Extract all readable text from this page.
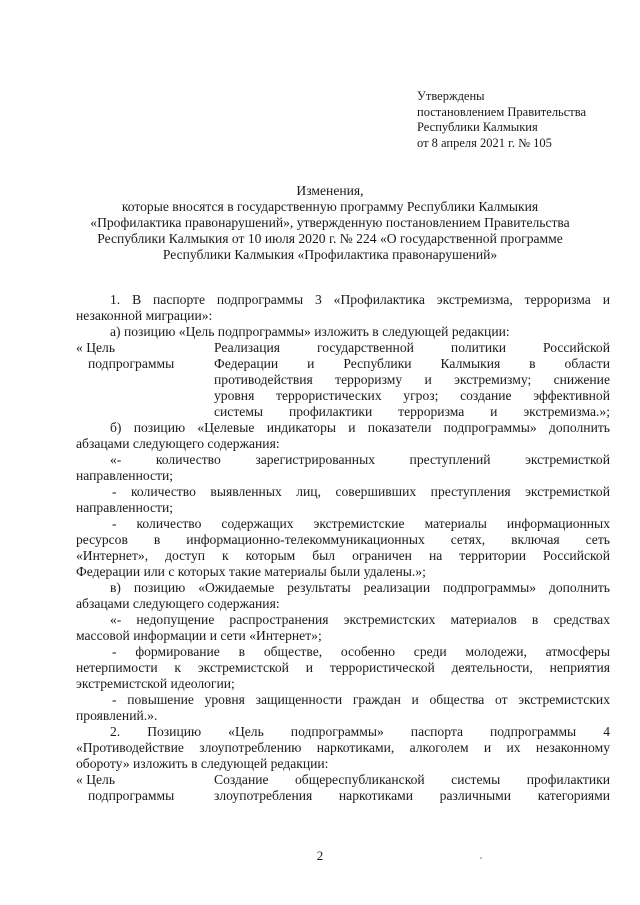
Утверждены
постановлением Правительства
Республики Калмыкия
от 8 апреля 2021 г. № 105
Изменения,
которые вносятся в государственную программу Республики Калмыкия
«Профилактика правонарушений», утвержденную постановлением Правительства
Республики Калмыкия от 10 июля 2020 г. № 224 «О государственной программе
Республики Калмыкия «Профилактика правонарушений»
1. В паспорте подпрограммы 3 «Профилактика экстремизма, терроризма и
незаконной миграции»:
а) позицию «Цель подпрограммы» изложить в следующей редакции:
« Цель
подпрограммы
Реализация государственной политики Российской
Федерации и Республики Калмыкия в области
противодействия терроризму и экстремизму; снижение
уровня террористических угроз; создание эффективной
системы профилактики терроризма и экстремизма.»;
б) позицию «Целевые индикаторы и показатели подпрограммы» дополнить
абзацами следующего содержания:
«- количество зарегистрированных преступлений экстремисткой
направленности;
- количество выявленных лиц, совершивших преступления экстремисткой
направленности;
- количество содержащих экстремистские материалы информационных
ресурсов в информационно-телекоммуникационных сетях, включая сеть
«Интернет», доступ к которым был ограничен на территории Российской
Федерации или с которых такие материалы были удалены.»;
в) позицию «Ожидаемые результаты реализации подпрограммы» дополнить
абзацами следующего содержания:
«- недопущение распространения экстремистских материалов в средствах
массовой информации и сети «Интернет»;
- формирование в обществе, особенно среди молодежи, атмосферы
нетерпимости к экстремистской и террористической деятельности, неприятия
экстремистской идеологии;
- повышение уровня защищенности граждан и общества от экстремистских
проявлений.».
2. Позицию «Цель подпрограммы» паспорта подпрограммы 4
«Противодействие злоупотреблению наркотиками, алкоголем и их незаконному
обороту» изложить в следующей редакции:
« Цель
подпрограммы
Создание общереспубликанской системы профилактики
злоупотребления наркотиками различными категориями
2
